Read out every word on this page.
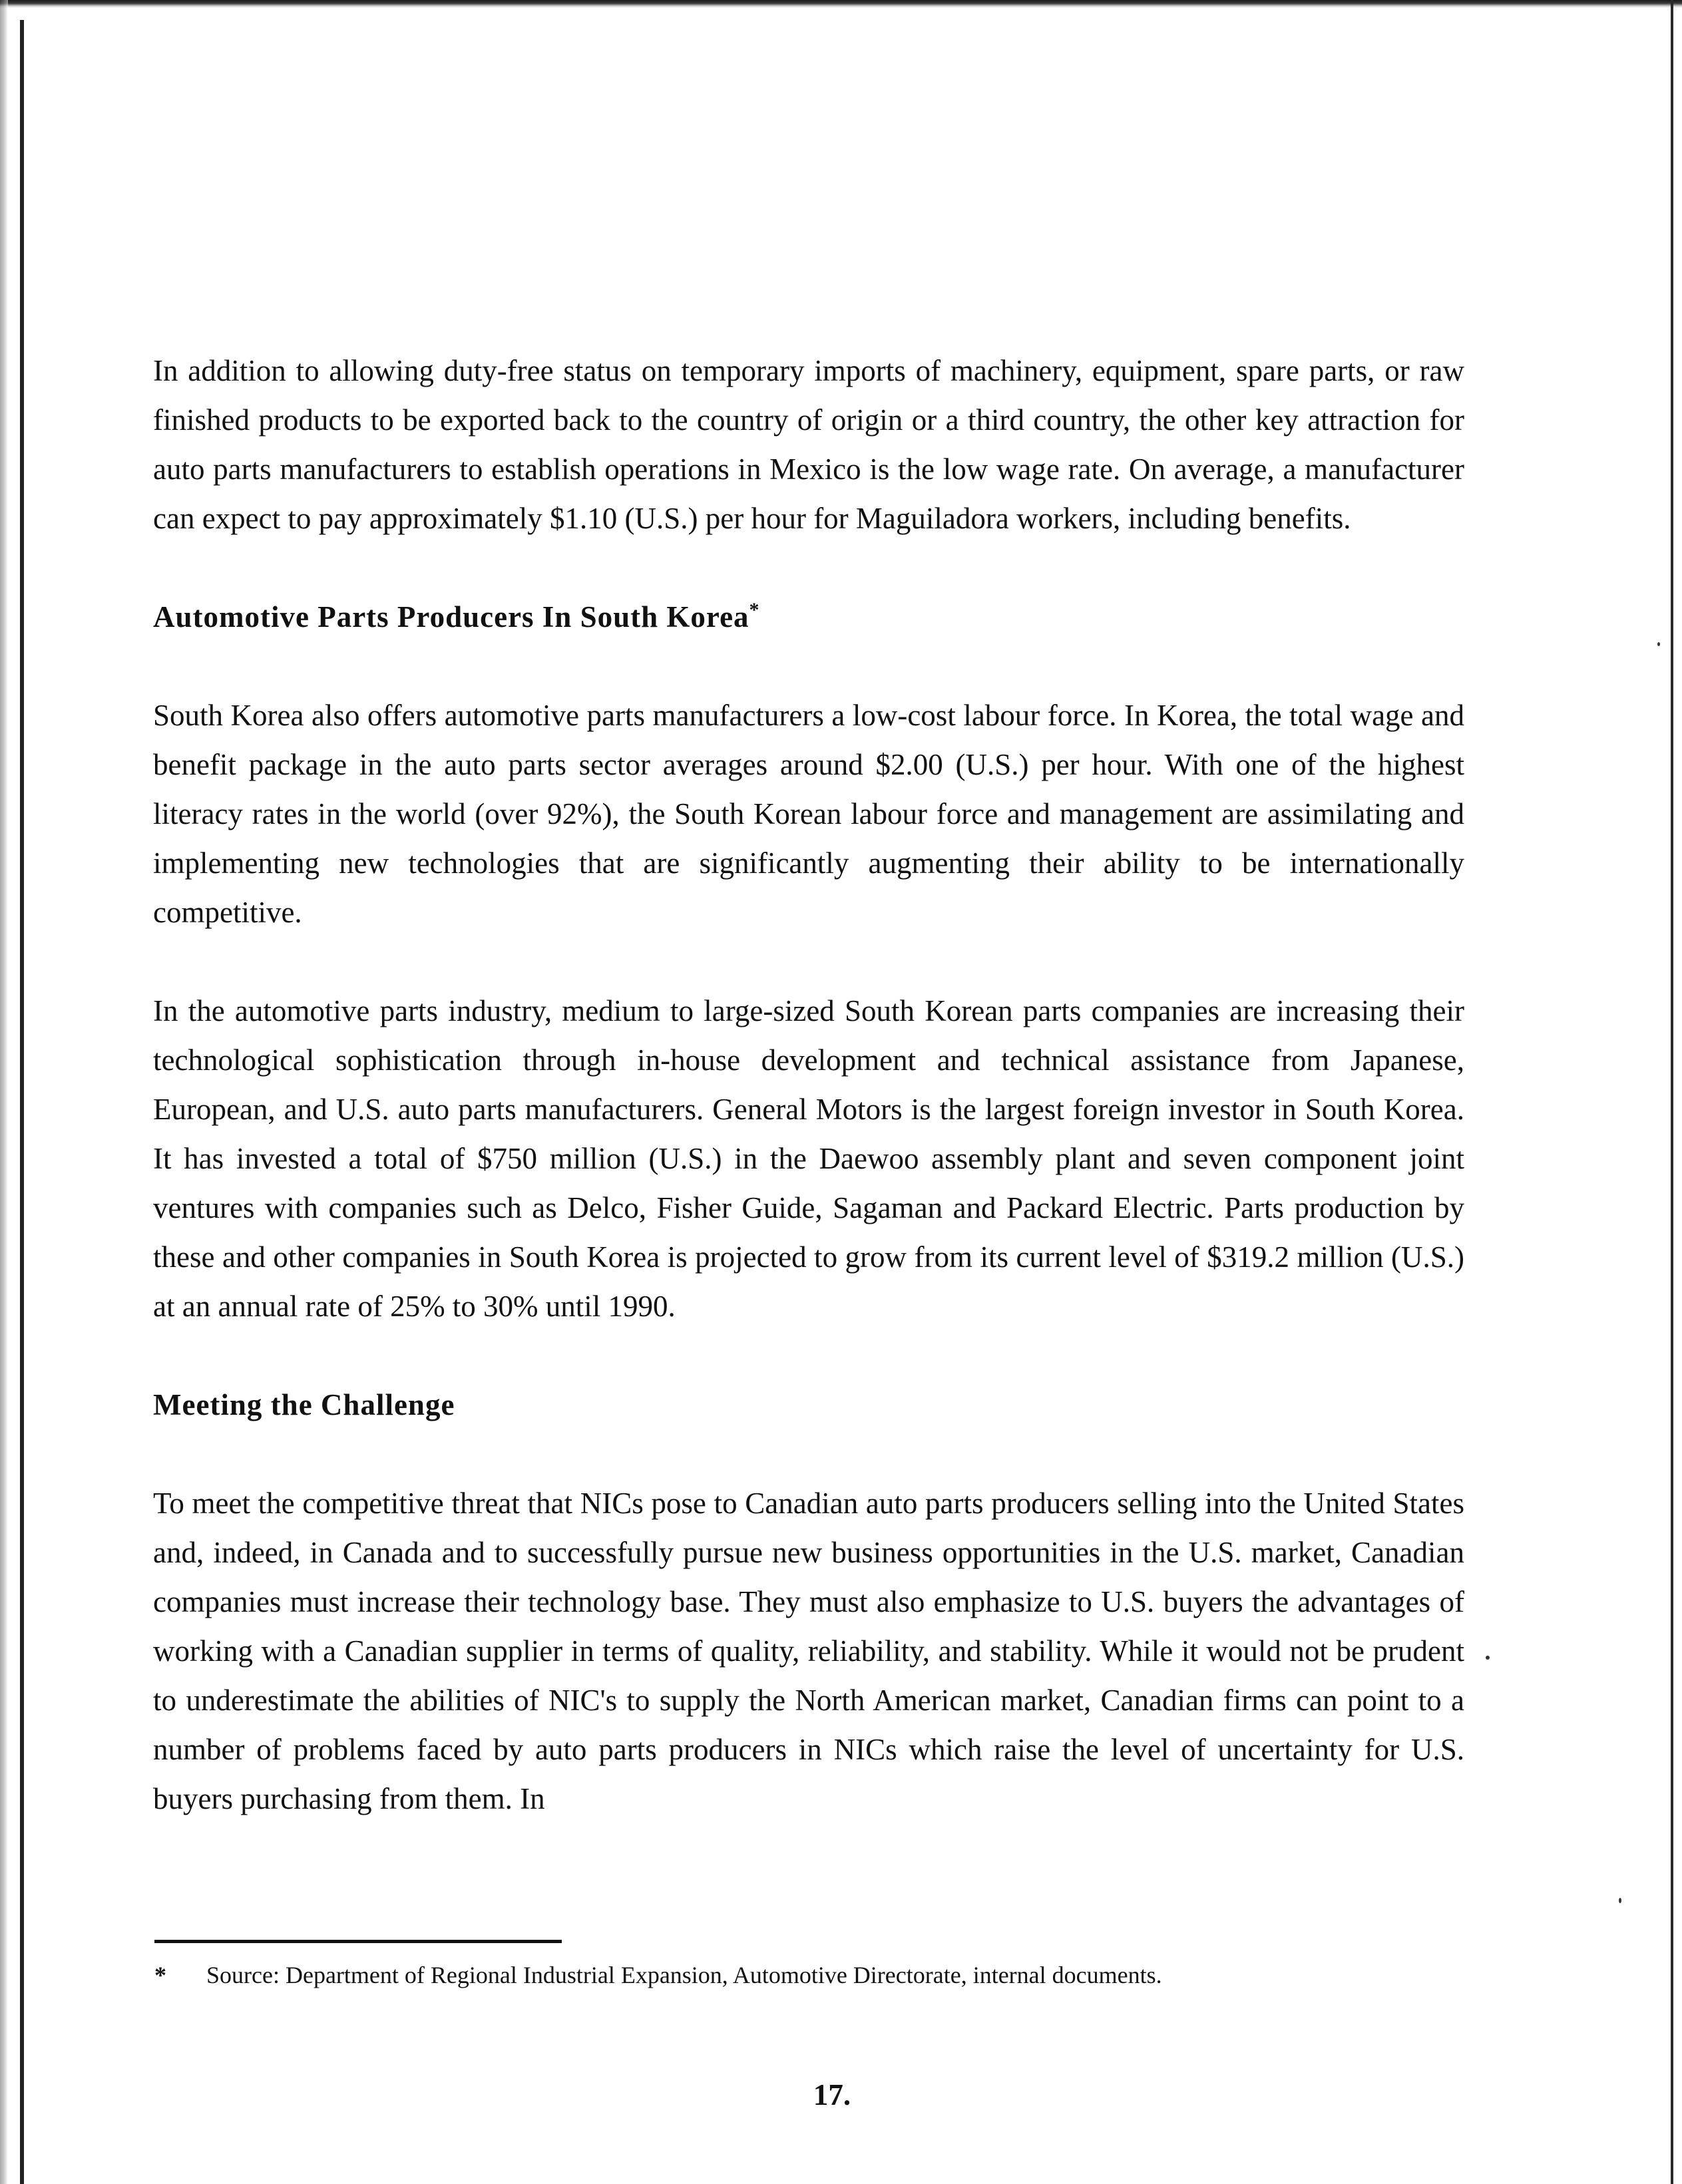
In addition to allowing duty-free status on temporary imports of machinery, equipment, spare parts, or raw finished products to be exported back to the country of origin or a third country, the other key attraction for auto parts manufacturers to establish operations in Mexico is the low wage rate. On average, a manufacturer can expect to pay approximately $1.10 (U.S.) per hour for Maguiladora workers, including benefits.

Automotive Parts Producers In South Korea*

South Korea also offers automotive parts manufacturers a low-cost labour force. In Korea, the total wage and benefit package in the auto parts sector averages around $2.00 (U.S.) per hour. With one of the highest literacy rates in the world (over 92%), the South Korean labour force and management are assimilating and implementing new technologies that are significantly augmenting their ability to be internationally competitive.

In the automotive parts industry, medium to large-sized South Korean parts companies are increasing their technological sophistication through in-house development and technical assistance from Japanese, European, and U.S. auto parts manufacturers. General Motors is the largest foreign investor in South Korea. It has invested a total of $750 million (U.S.) in the Daewoo assembly plant and seven component joint ventures with companies such as Delco, Fisher Guide, Sagaman and Packard Electric. Parts production by these and other companies in South Korea is projected to grow from its current level of $319.2 million (U.S.) at an annual rate of 25% to 30% until 1990.

Meeting the Challenge

To meet the competitive threat that NICs pose to Canadian auto parts producers selling into the United States and, indeed, in Canada and to successfully pursue new business opportunities in the U.S. market, Canadian companies must increase their technology base. They must also emphasize to U.S. buyers the advantages of working with a Canadian supplier in terms of quality, reliability, and stability. While it would not be prudent to underestimate the abilities of NIC's to supply the North American market, Canadian firms can point to a number of problems faced by auto parts producers in NICs which raise the level of uncertainty for U.S. buyers purchasing from them. In

* Source: Department of Regional Industrial Expansion, Automotive Directorate, internal documents.
17.
